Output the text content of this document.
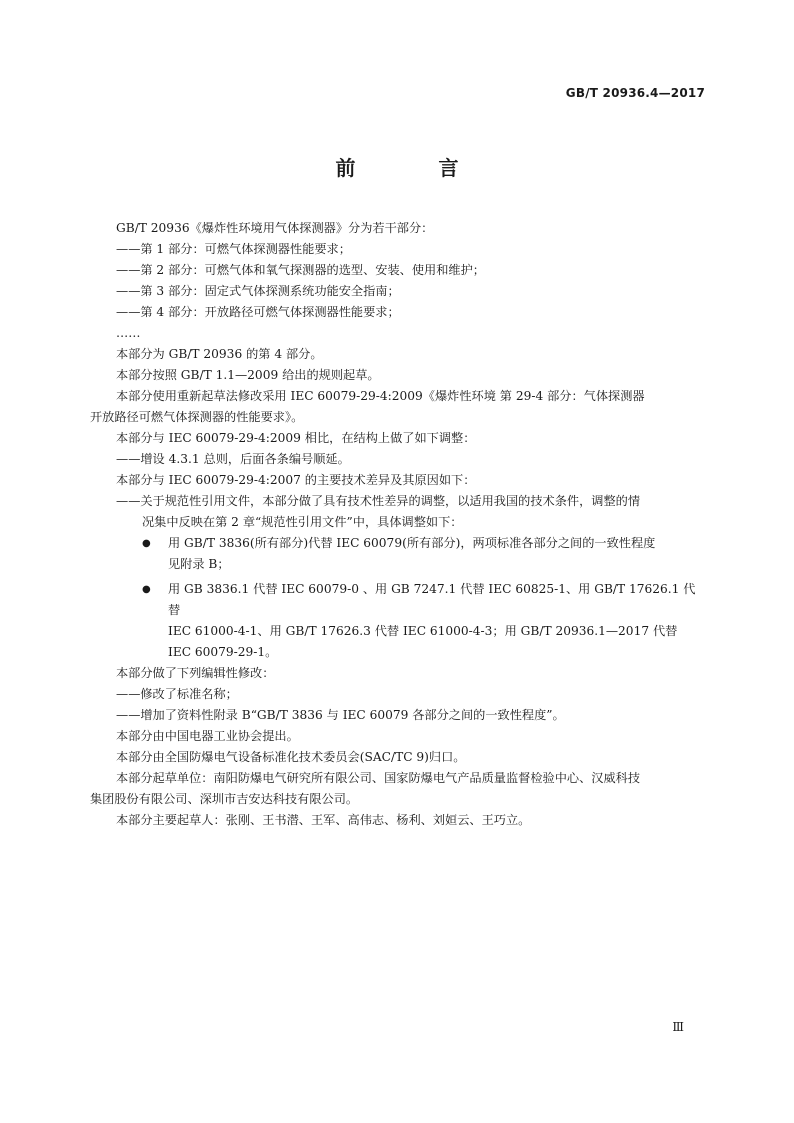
GB/T 20936.4—2017
前 言

GB/T 20936《爆炸性环境用气体探测器》分为若干部分：

——第 1 部分：可燃气体探测器性能要求；

——第 2 部分：可燃气体和氧气探测器的选型、安装、使用和维护；

——第 3 部分：固定式气体探测系统功能安全指南；

——第 4 部分：开放路径可燃气体探测器性能要求；

……

本部分为 GB/T 20936 的第 4 部分。

本部分按照 GB/T 1.1—2009 给出的规则起草。

本部分使用重新起草法修改采用 IEC 60079-29-4:2009《爆炸性环境 第 29-4 部分：气体探测器

开放路径可燃气体探测器的性能要求》。

本部分与 IEC 60079-29-4:2009 相比，在结构上做了如下调整：

——增设 4.3.1 总则，后面各条编号顺延。

本部分与 IEC 60079-29-4:2007 的主要技术差异及其原因如下：

——关于规范性引用文件，本部分做了具有技术性差异的调整，以适用我国的技术条件，调整的情

况集中反映在第 2 章“规范性引用文件”中，具体调整如下：

● 用 GB/T 3836(所有部分)代替 IEC 60079(所有部分)，两项标准各部分之间的一致性程度

见附录 B；

● 用 GB 3836.1 代替 IEC 60079-0 、用 GB 7247.1 代替 IEC 60825-1、用 GB/T 17626.1 代替

IEC 61000-4-1、用 GB/T 17626.3 代替 IEC 61000-4-3；用 GB/T 20936.1—2017 代替

IEC 60079-29-1。

本部分做了下列编辑性修改：

——修改了标准名称；

——增加了资料性附录 B“GB/T 3836 与 IEC 60079 各部分之间的一致性程度”。

本部分由中国电器工业协会提出。

本部分由全国防爆电气设备标准化技术委员会(SAC/TC 9)归口。

本部分起草单位：南阳防爆电气研究所有限公司、国家防爆电气产品质量监督检验中心、汉威科技

集团股份有限公司、深圳市吉安达科技有限公司。

本部分主要起草人：张刚、王书潜、王军、高伟志、杨利、刘姮云、王巧立。

Ⅲ
